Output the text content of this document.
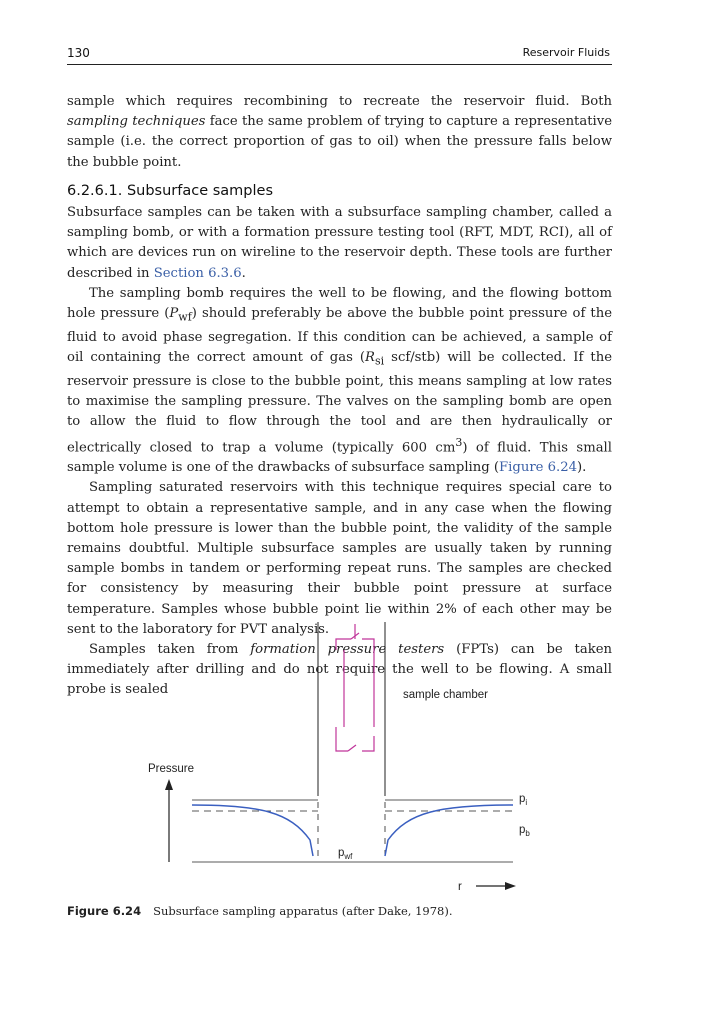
130	Reservoir Fluids

sample which requires recombining to recreate the reservoir fluid. Both sampling techniques face the same problem of trying to capture a representative sample (i.e. the correct proportion of gas to oil) when the pressure falls below the bubble point.

6.2.6.1. Subsurface samples

Subsurface samples can be taken with a subsurface sampling chamber, called a sampling bomb, or with a formation pressure testing tool (RFT, MDT, RCI), all of which are devices run on wireline to the reservoir depth. These tools are further described in Section 6.3.6.

The sampling bomb requires the well to be flowing, and the flowing bottom hole pressure $(P_{wf})$ should preferably be above the bubble point pressure of the fluid to avoid phase segregation. If this condition can be achieved, a sample of oil containing the correct amount of gas ($R_{si}$ scf/stb) will be collected. If the reservoir pressure is close to the bubble point, this means sampling at low rates to maximise the sampling pressure. The valves on the sampling bomb are open to allow the fluid to flow through the tool and are then hydraulically or electrically closed to trap a volume (typically 600 $cm^3$) of fluid. This small sample volume is one of the drawbacks of subsurface sampling (Figure 6.24).

Sampling saturated reservoirs with this technique requires special care to attempt to obtain a representative sample, and in any case when the flowing bottom hole pressure is lower than the bubble point, the validity of the sample remains doubtful. Multiple subsurface samples are usually taken by running sample bombs in tandem or performing repeat runs. The samples are checked for consistency by measuring their bubble point pressure at surface temperature. Samples whose bubble point lie within 2% of each other may be sent to the laboratory for PVT analysis.

Samples taken from formation pressure testers (FPTs) can be taken immediately after drilling and do not require the well to be flowing. A small probe is sealed	sample chamber
Pressure
$p_i$
$p_b$
$p_{wf}$
r
Figure 6.24 Subsurface sampling apparatus (after Dake, 1978).
